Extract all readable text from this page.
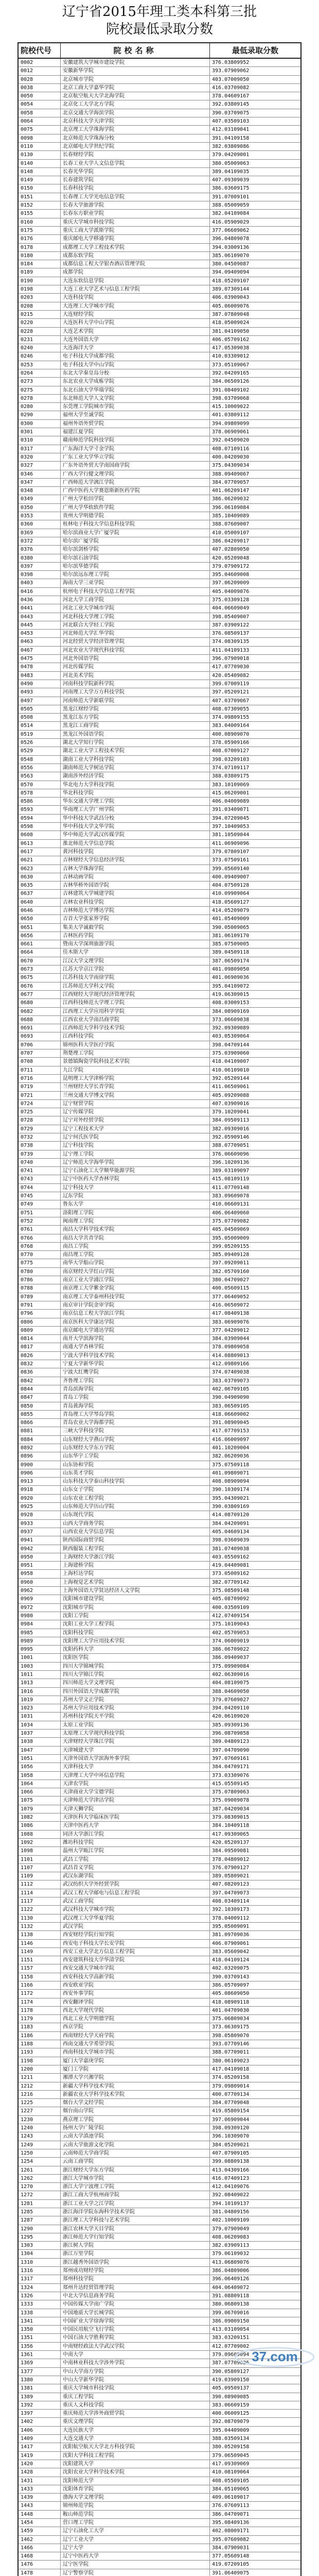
辽宁省2015年理工类本科第三批
院校最低录取分数
院校代号	院校名称	最低录取分数
0002	安徽建筑大学城市建设学院	376.03809952
0012	安徽新华学院	393.07909062
0028	北京城市学院	403.07009050
0038	北京工商大学嘉华学院	416.03709082
0050	北京航空航天大学北海学院	378.04609167
0054	北京化工大学北方学院	392.03809145
0058	北京交通大学海滨学院	390.03709075
0064	北京科技大学天津学院	407.03509103
0075	北京理工大学珠海学院	412.03109041
0098	北京师范大学珠海分校	391.04109158
0110	北京邮电大学世纪学院	382.03809086
0130	长春财经学院	379.04209001
0140	长春工业大学人文信息学院	380.05009063
0148	长春光华学院	389.04109035
0149	长春建筑学院	407.09309039
0150	长春科技学院	386.03609175
0151	长春理工大学光电信息学院	391.07009101
0152	长春大学旅游学院	388.05009059
0155	长春东方职业学院	382.04109084
0160	重庆大学城市科技学院	416.05909029
0175	重庆工商大学派斯学院	377.06609062
0176	重庆邮电大学移通学院	396.04809078
0178	成都理工大学工程技术学院	394.03009136
0180	成都东软学院	385.06109070
0184	成都信息工程大学银杏酒店管理学院	380.04509087
0189	成都学院	394.09409094
0190	大连东软信息学院	418.05209107
0198	大连工业大学艺术与信息工程学院	389.07309144
0203	大连科技学院	406.03909043
0208	大连理工大学城市学院	405.06009076
0215	大连财经学院	387.07809048
0220	大连医科大学中山学院	418.05009024
0228	大连艺术学院	381.04109050
0231	大连外国语大学	406.05709162
0240	大连海洋大学	417.05309038
0246	电子科技大学成都学院	410.03309012
0253	电子科技大学中山学院	373.05109067
0264	东北大学秦皇岛分校	392.04209165
0273	东北农业大学成栋学院	384.06509126
0275	东北石油大学华瑞学院	391.08409102
0278	东北师范大学人文学院	398.03709068
0280	东莞理工学院城市学院	415.10009022
0290	福州大学至诚学院	401.03809112
0300	福州外语外贸学院	394.09809099
0301	福建江夏学院	378.06909061
0310	赣南师范学院科技学院	392.04509020
0317	广东海洋大学寸金学院	408.07109116
0320	广东工业大学华立学院	400.04209030
0327	广东外语外贸大学南国商学院	375.04309034
0346	广西大学行健文理学院	388.09409067
0347	广西师范大学漓江学院	384.07709057
0348	广西中医药大学赛恩斯新医药学院	401.06209147
0349	广州大学松田学院	386.06209032
0350	广州大学华软软件学院	396.06109084
0353	贵州大学明德学院	385.10409089
0360	桂林电子科技大学信息科技学院	388.07609007
0369	哈尔滨商业大学广厦学院	410.05009107
0372	哈尔滨广厦学院	386.04209017
0376	哈尔滨剑桥学院	407.02809050
0380	哈尔滨石油学院	420.05209048
0397	哈尔滨华德学院	379.07909172
0398	哈尔滨远东理工学院	395.04609008
0403	海南大学三亚学院	397.06209009
0416	杭州电子科技大学信息工程学院	405.04009076
0436	河北大学工商学院	375.03309128
0441	河北工业大学城市学院	404.06609049
0443	河北科技大学理工学院	398.05409007
0445	河北联合大学轻工学院	387.03909122
0453	河北师范大学汇华学院	376.08509137
0463	河北经贸大学经济管理学院	374.08309135
0467	河北农业大学现代科技学院	411.04109133
0475	河北外国语学院	396.07909018
0478	河北传媒学院	417.07709030
0483	河北美术学院	420.05409082
0490	河南科技学院新科学院	399.07009119
0493	河南理工大学万方科技学院	397.05209121
0497	河南师范大学新联学院	407.03709067
0505	黑龙江财经学院	408.07309055
0508	黑龙江东方学院	374.09809155
0514	黑龙江工商学院	383.04009164
0519	黑龙江外国语学院	400.08909070
0526	湖北大学知行学院	378.05909166
0529	湖北工业大学工程技术学院	408.07009127
0548	湖南工业大学科技学院	398.03209103
0556	湖南师范大学树达学院	374.07109117
0563	湖南涉外经济学院	388.03809175
0570	华北电力大学科技学院	383.10109069
0578	华北科技学院	415.06209001
0586	华东交通大学理工学院	406.04009089
0593	华南理工大学广州学院	391.03409071
0594	华中科技大学武昌分校	394.07209045
0598	华中科技大学文华学院	397.10409053
0608	华中师范大学武汉传媒学院	381.10509044
0613	淮北师范大学信息学院	411.06909096
0617	黄河科技学院	379.07809107
0621	吉林财经大学信息经济学院	373.07509161
0623	吉林大学珠海学院	399.05609140
0630	吉林动画学院	400.09409007
0635	吉林华桥外国语学院	404.07509128
0637	吉林建筑大学城建学院	410.09909064
0640	吉林农业科技学院	418.05609127
0646	吉林师范大学博达学院	414.05209079
0650	吉首大学张家界学院	401.05409009
0651	集美大学诚毅学院	390.05009065
0656	吉林医药学院	381.06109170
0661	暨南大学深圳旅游学院	385.07509005
0664	佳木斯大学	389.04509118
0670	江汉大学文理学院	387.06509174
0673	江苏大学京江学院	401.09809050
0675	江苏科技大学南徐学院	401.06909036
0676	江苏师范大学科文学院	395.04109072
0677	江西财经大学现代经济管理学院	419.06309015
0680	江西科技师范大学理工学院	408.03009153
0682	江西理工大学应用科学学院	384.08909169
0688	江西农业大学南昌商学院	373.06609038
0691	江西师范大学科学技术学院	392.09309089
0693	江西科技学院	403.05309064
0706	锦州医科大学医疗学院	398.04709144
0707	荆楚理工学院	375.03909060
0708	景德镇陶瓷学院科技艺术学院	418.04109007
0711	九江学院	410.06109010
0716	昆明理工大学津桥学院	392.05209144
0719	兰州财经大学长青学院	411.06509061
0721	兰州交通大学博文学院	405.09209088
0724	辽宁财贸学院	407.03909016
0725	辽宁传媒学院	379.10209041
0728	辽宁对外经贸学院	384.09509113
0729	辽宁工程技术大学	382.09309016
0732	辽宁何氏医学院	392.05909146
0738	辽宁科技学院	388.07709051
0739	辽宁理工学院	376.06609096
0740	辽宁师范大学海华学院	396.10209136
0741	辽宁石油化工大学顺华能源学院	389.03109097
0743	辽宁中医药大学杏林学院	415.08109119
0744	辽宁科技大学	411.07709148
0745	辽东学院	383.09609078
0749	鲁东大学	410.06609131
0751	洛阳理工学院	406.06409060
0752	闽南理工学院	375.07709082
0761	南昌大学科学技术学院	405.04509069
0766	南昌大学共青学院	395.05009009
0768	南昌工学院	399.05209155
0770	南昌理工学院	385.09409128
0775	南华大学船山学院	397.09209011
0780	南京财经大学红山学院	382.05709160
0786	南京工业大学浦江学院	380.04709027
0788	南京理工大学紫金学院	400.05609115
0789	南京理工大学泰州科技学院	377.06409052
0791	南京审计学院金审学院	416.06509072
0796	南京信息工程大学滨江学院	417.08409138
0806	南京医科大学康达学院	383.06909076
0809	南京邮电大学通达学院	377.04209012
0814	南开大学滨海学院	384.03909044
0817	南通大学杏林学院	378.09809058
0826	宁波大学科学技术学院	414.08809013
0832	宁夏大学新华学院	412.09809166
0836	宁波大红鹰学院	374.07409038
0842	齐鲁理工学院	383.03709073
0844	青岛滨海学院	402.06709105
0847	青岛工学院	390.04909090
0850	青岛黄海学院	383.06509105
0855	青岛理工大学琴岛学院	418.06609002
0866	青岛农业大学海都学院	391.08909045
0881	三峡大学科技学院	417.07709153
0884	山东财经大学燕山学院	416.06009097
0892	山东财经大学东方学院	401.10209004
0896	山东华宇工学院	382.06209036
0900	山东协和学院	375.07509118
0906	山东英才学院	401.09809071
0913	山东科技大学泰山科技学院	408.08909094
0918	山东女子学院	390.10309174
0920	山东农业工程学院	395.04309021
0925	山东师范大学历山学院	390.03809169
0928	山东现代学院	414.08709120
0933	山西大学商务学院	384.04209091
0937	山西农业大学信息学院	405.04609134
0941	陕西国际商贸学院	398.03609039
0942	陕西服装工程学院	381.07409038
0950	上海财经大学浙江学院	403.05509162
0951	上海建桥学院	419.04409081
0958	上海杉达学院	373.05009162
0960	上海视觉艺术学院	382.07709142
0962	上海外国语大学贤达经济人文学院	375.08509148
0969	沈阳城市建设学院	405.08709092
0972	沈阳城市学院	400.03509109
0980	沈阳工学院	412.07409154
0984	沈阳工业大学工程学院	375.10109043
0985	沈阳科技学院	402.05709053
0989	沈阳理工大学应用技术学院	374.06009019
0995	沈阳药科大学	386.06709022
1001	沈阳医学院	386.09409037
1003	四川大学锦城学院	375.09909084
1011	四川大学锦江学院	402.06309016
1013	四川师范大学文理学院	404.08109075
1016	四川外国语大学成都学院	388.04609050
1019	苏州大学文正学院	379.07609027
1023	苏州大学应用技术学院	394.04209110
1031	苏州科技学院天平学院	420.06109020
1034	太原工业学院	385.09309136
1037	太原理工大学现代科技学院	396.08709058
1038	天津财经大学珠江学院	389.04809123
1047	天津城建大学	397.04709090
1051	天津外国语大学滨海外事学院	397.07609161
1056	天津科技大学	384.04709171
1058	天津理工大学中环信息学院	373.03309076
1064	天津农学院	415.05509145
1066	天津商业大学宝德学院	375.07809063
1075	天津师范大学津沽学院	375.09009078
1079	天津天狮学院	387.04209034
1082	天津医科大学临床医学院	379.08309015
1086	天津中医药大学	384.10409118
1088	同济大学浙江学院	417.09309065
1092	潍坊科技学院	420.05209137
1098	温州大学瓯江学院	384.09509081
1101	武昌工学院	378.04809012
1107	武昌首义学院	376.07909127
1109	武汉东湖学院	389.05809021
1112	武汉纺织大学外经贸学院	407.08209123
1114	武汉工程大学邮电与信息工程学院	397.04709073
1117	武汉工商学院	408.03409114
1122	武汉科技大学城市学院	392.10309173
1130	武汉理工大学华夏学院	378.04009112
1132	武汉学院	395.05009091
1138	西安财经学院行知学院	381.09709036
1146	西安电子科技大学长安学院	406.07909061
1149	西安工业大学北方信息工程学院	383.05609042
1151	西安建筑科技大学华清学院	418.04109124
1157	西安交通大学城市学院	402.03209075
1158	西安科技大学高新学院	390.03709143
1166	西安欧亚学院	386.05709097
1172	西安外事学院	405.08609050
1174	西安翻译学院	418.08909118
1178	西北大学现代学院	401.04709030
1179	西北工业大学明德学院	375.06809034
1183	西京学院	373.06309175
1186	西南财经大学天府学院	398.05809070
1188	西南交通大学希望学院	393.07709146
1193	西南科技大学城市学院	388.07709011
1198	厦门大学嘉庚学院	380.06109023
1200	厦门工学院	417.04109018
1211	湘潭大学兴湘学院	374.05209158
1212	新疆大学科学技术学院	379.09809014
1216	新疆农业大学科学技术学院	400.07709134
1225	烟台大学文经学院	384.07709048
1227	烟台南山学院	419.05809154
1230	燕京理工学院	397.06909044
1240	扬州大学广陵学院	398.09309120
1243	云南大学滇池学院	396.10309070
1249	云南大学旅游文化学院	384.05209021
1250	云南师范大学商学院	407.07909105
1254	云南工商学院	399.08809138
1261	浙江财经大学东方学院	413.04309166
1262	浙江大学城市学院	416.07409123
1270	浙江大学宁波理工学院	412.04109076
1272	浙江工商大学杭州商学院	392.08409022
1281	浙江工业大学之江学院	394.10109137
1285	浙江海洋学院东海科学技术学院	381.04809156
1287	浙江理工大学科技与艺术学院	402.10009109
1290	浙江农林大学天目学院	379.07909049
1295	浙江师范大学行知学院	408.06209083
1303	浙江树人学院	382.03909113
1304	浙江万里学院	379.06109032
1310	浙江越秀外国语学院	413.06809076
1316	郑州成功财经学院	386.04809006
1317	郑州科技学院	396.06409126
1324	郑州升达经贸管理学院	404.06409072
1326	中北大学信息商务学院	391.08809118
1333	中国传媒大学南广学院	380.06809138
1338	中国地质大学长城学院	399.06709016
1341	中国矿业大学徐海学院	386.09009150
1350	中国民用航空飞行学院	413.03109054
1351	中国石油大学胜利学院	383.03209151
1356	中南财经政法大学武汉学院	412.07709002
1361	中南大学	379.09609094
1369	中南林业科技大学涉外学院	387.07709026
1377	中山大学南方学院	390.05809127
1380	中山大学新华学院	419.03909150
1381	重庆大学城市科技学院	405.09509137
1389	重庆工程学院	390.08909085
1392	重庆人文科技学院	383.06609159
1397	重庆师范大学涉外商贸学院	400.06009125
1402	重庆文理学院	392.08709079
1406	大连民族大学	395.04409009
1409	大连交通大学	388.03509134
1417	沈阳航空航天大学北方科技学院	380.05209158
1419	沈阳大学科技工程学院	379.06509045
1420	沈阳建筑大学	417.09309069
1428	沈阳农业大学科学技术学院	410.08109064
1431	沈阳师范大学	408.05509105
1433	沈阳体育学院	384.05109065
1439	渤海大学文理学院	409.06109017
1443	锦州师范学院	376.07609113
1448	鞍山师范学院	386.04709071
1454	营口理工学院	395.08409136
1459	辽宁石油化工大学	402.08009171
1462	辽宁工业大学	395.07609082
1466	辽宁大学	384.07909031
1468	辽宁中医药大学	377.05609148
1476	辽宁医学院	419.07209105
1478	辽宁警察学院	391.06409075
37.com
